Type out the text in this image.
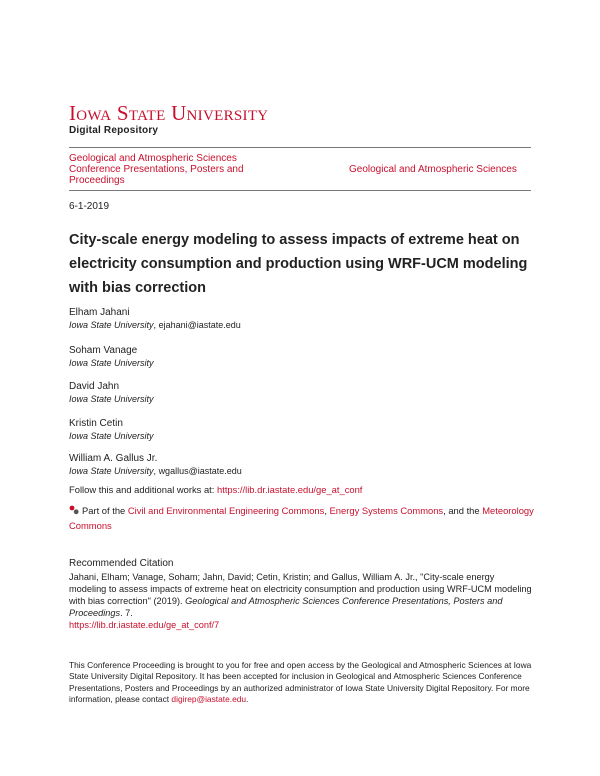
Iowa State University
Digital Repository
Geological and Atmospheric Sciences Conference Presentations, Posters and Proceedings
Geological and Atmospheric Sciences
6-1-2019
City-scale energy modeling to assess impacts of extreme heat on electricity consumption and production using WRF-UCM modeling with bias correction
Elham Jahani
Iowa State University, ejahani@iastate.edu
Soham Vanage
Iowa State University
David Jahn
Iowa State University
Kristin Cetin
Iowa State University
William A. Gallus Jr.
Iowa State University, wgallus@iastate.edu
Follow this and additional works at: https://lib.dr.iastate.edu/ge_at_conf
Part of the Civil and Environmental Engineering Commons, Energy Systems Commons, and the Meteorology Commons
Recommended Citation
Jahani, Elham; Vanage, Soham; Jahn, David; Cetin, Kristin; and Gallus, William A. Jr., "City-scale energy modeling to assess impacts of extreme heat on electricity consumption and production using WRF-UCM modeling with bias correction" (2019). Geological and Atmospheric Sciences Conference Presentations, Posters and Proceedings. 7.
https://lib.dr.iastate.edu/ge_at_conf/7
This Conference Proceeding is brought to you for free and open access by the Geological and Atmospheric Sciences at Iowa State University Digital Repository. It has been accepted for inclusion in Geological and Atmospheric Sciences Conference Presentations, Posters and Proceedings by an authorized administrator of Iowa State University Digital Repository. For more information, please contact digirep@iastate.edu.
